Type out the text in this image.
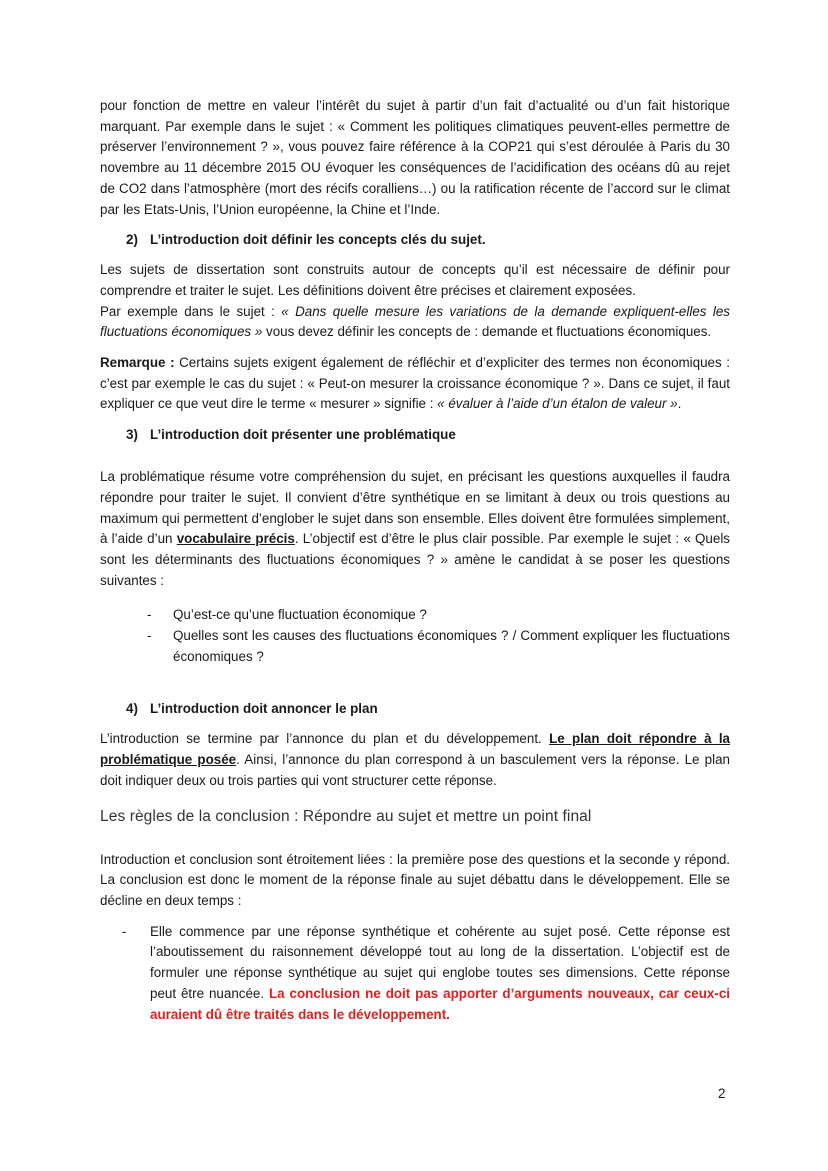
pour fonction de mettre en valeur l’intérêt du sujet à partir d’un fait d’actualité ou d’un fait historique marquant. Par exemple dans le sujet : « Comment les politiques climatiques peuvent-elles permettre de préserver l’environnement ? », vous pouvez faire référence à la COP21 qui s’est déroulée à Paris du 30 novembre au 11 décembre 2015 OU évoquer les conséquences de l’acidification des océans dû au rejet de CO2 dans l’atmosphère (mort des récifs coralliens…) ou la ratification récente de l’accord sur le climat par les Etats-Unis, l’Union européenne, la Chine et l’Inde.

2) L’introduction doit définir les concepts clés du sujet.

Les sujets de dissertation sont construits autour de concepts qu’il est nécessaire de définir pour comprendre et traiter le sujet. Les définitions doivent être précises et clairement exposées.

Par exemple dans le sujet : « Dans quelle mesure les variations de la demande expliquent-elles les fluctuations économiques » vous devez définir les concepts de : demande et fluctuations économiques.

Remarque : Certains sujets exigent également de réfléchir et d’expliciter des termes non économiques : c’est par exemple le cas du sujet : « Peut-on mesurer la croissance économique ? ». Dans ce sujet, il faut expliquer ce que veut dire le terme « mesurer » signifie : « évaluer à l’aide d’un étalon de valeur ».

3) L’introduction doit présenter une problématique

La problématique résume votre compréhension du sujet, en précisant les questions auxquelles il faudra répondre pour traiter le sujet. Il convient d’être synthétique en se limitant à deux ou trois questions au maximum qui permettent d’englober le sujet dans son ensemble. Elles doivent être formulées simplement, à l’aide d’un vocabulaire précis. L’objectif est d’être le plus clair possible. Par exemple le sujet : « Quels sont les déterminants des fluctuations économiques ? » amène le candidat à se poser les questions suivantes :

- Qu’est-ce qu’une fluctuation économique ?
- Quelles sont les causes des fluctuations économiques ? / Comment expliquer les fluctuations économiques ?
4) L’introduction doit annoncer le plan

L’introduction se termine par l’annonce du plan et du développement. Le plan doit répondre à la problématique posée. Ainsi, l’annonce du plan correspond à un basculement vers la réponse. Le plan doit indiquer deux ou trois parties qui vont structurer cette réponse.

Les règles de la conclusion : Répondre au sujet et mettre un point final

Introduction et conclusion sont étroitement liées : la première pose des questions et la seconde y répond. La conclusion est donc le moment de la réponse finale au sujet débattu dans le développement. Elle se décline en deux temps :

- Elle commence par une réponse synthétique et cohérente au sujet posé. Cette réponse est l’aboutissement du raisonnement développé tout au long de la dissertation. L’objectif est de formuler une réponse synthétique au sujet qui englobe toutes ses dimensions. Cette réponse peut être nuancée. La conclusion ne doit pas apporter d’arguments nouveaux, car ceux-ci auraient dû être traités dans le développement.
2
